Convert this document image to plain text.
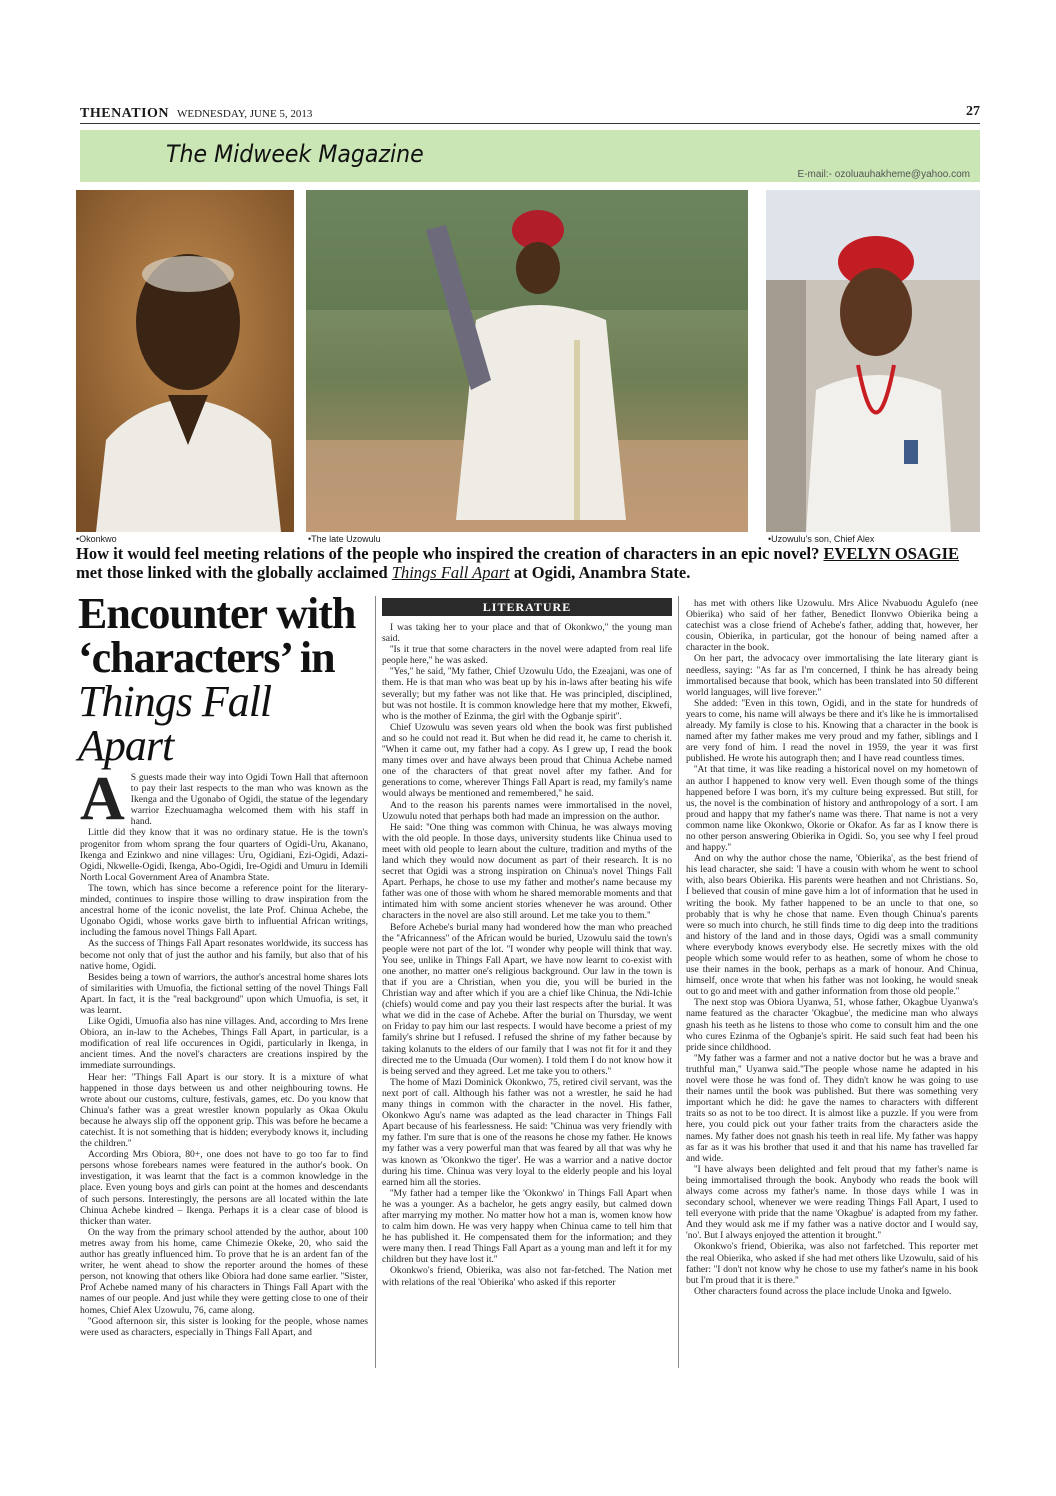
THENATION WEDNESDAY, JUNE 5, 2013	27
The Midweek Magazine
E-mail:- ozoluauhakheme@yahoo.com
•Okonkwo	•The late Uzowulu	•Uzowulu's son, Chief Alex
How it would feel meeting relations of the people who inspired the creation of characters in an epic novel? EVELYN OSAGIE met those linked with the globally acclaimed Things Fall Apart at Ogidi, Anambra State.
Encounter with ‘characters’ in
Things Fall Apart
LITERATURE
A S guests made their way into Ogidi Town Hall that afternoon to pay their last respects to the man who was known as the Ikenga and the Ugonabo of Ogidi, the statue of the legendary warrior Ezechuamagha welcomed them with his staff in hand.

Little did they know that it was no ordinary statue. He is the town's progenitor from whom sprang the four quarters of Ogidi-Uru, Akanano, Ikenga and Ezinkwo and nine villages: Uru, Ogidiani, Ezi-Ogidi, Adazi-Ogidi, Nkwelle-Ogidi, Ikenga, Abo-Ogidi, Ire-Ogidi and Umuru in Idemili North Local Government Area of Anambra State.

The town, which has since become a reference point for the literary-minded, continues to inspire those willing to draw inspiration from the ancestral home of the iconic novelist, the late Prof. Chinua Achebe, the Ugonabo Ogidi, whose works gave birth to influential African writings, including the famous novel Things Fall Apart.

As the success of Things Fall Apart resonates worldwide, its success has become not only that of just the author and his family, but also that of his native home, Ogidi.

Besides being a town of warriors, the author's ancestral home shares lots of similarities with Umuofia, the fictional setting of the novel Things Fall Apart. In fact, it is the ''real background'' upon which Umuofia, is set, it was learnt.

Like Ogidi, Umuofia also has nine villages. And, according to Mrs Irene Obiora, an in-law to the Achebes, Things Fall Apart, in particular, is a modification of real life occurences in Ogidi, particularly in Ikenga, in ancient times. And the novel's characters are creations inspired by the immediate surroundings.

Hear her: ''Things Fall Apart is our story. It is a mixture of what happened in those days between us and other neighbouring towns. He wrote about our customs, culture, festivals, games, etc. Do you know that Chinua's father was a great wrestler known popularly as Okaa Okulu because he always slip off the opponent grip. This was before he became a catechist. It is not something that is hidden; everybody knows it, including the children.''

According Mrs Obiora, 80+, one does not have to go too far to find persons whose forebears names were featured in the author's book. On investigation, it was learnt that the fact is a common knowledge in the place. Even young boys and girls can point at the homes and descendants of such persons. Interestingly, the persons are all located within the late Chinua Achebe kindred – Ikenga. Perhaps it is a clear case of blood is thicker than water.

On the way from the primary school attended by the author, about 100 metres away from his home, came Chimezie Okeke, 20, who said the author has greatly influenced him. To prove that he is an ardent fan of the writer, he went ahead to show the reporter around the homes of these person, not knowing that others like Obiora had done same earlier. ''Sister, Prof Achebe named many of his characters in Things Fall Apart with the names of our people. And just while they were getting close to one of their homes, Chief Alex Uzowulu, 76, came along.

''Good afternoon sir, this sister is looking for the people, whose names were used as characters, especially in Things Fall Apart, and

I was taking her to your place and that of Okonkwo,'' the young man said.

''Is it true that some characters in the novel were adapted from real life people here,'' he was asked.

''Yes,'' he said, ''My father, Chief Uzowulu Udo, the Ezeajani, was one of them. He is that man who was beat up by his in-laws after beating his wife severally; but my father was not like that. He was principled, disciplined, but was not hostile. It is common knowledge here that my mother, Ekwefi, who is the mother of Ezinma, the girl with the Ogbanje spirit''.

Chief Uzowulu was seven years old when the book was first published and so he could not read it. But when he did read it, he came to cherish it. ''When it came out, my father had a copy. As I grew up, I read the book many times over and have always been proud that Chinua Achebe named one of the characters of that great novel after my father. And for generations to come, wherever Things Fall Apart is read, my family's name would always be mentioned and remembered,'' he said.

And to the reason his parents names were immortalised in the novel, Uzowulu noted that perhaps both had made an impression on the author.

He said: ''One thing was common with Chinua, he was always moving with the old people. In those days, university students like Chinua used to meet with old people to learn about the culture, tradition and myths of the land which they would now document as part of their research. It is no secret that Ogidi was a strong inspiration on Chinua's novel Things Fall Apart. Perhaps, he chose to use my father and mother's name because my father was one of those with whom he shared memorable moments and that intimated him with some ancient stories whenever he was around. Other characters in the novel are also still around. Let me take you to them.''

Before Achebe's burial many had wondered how the man who preached the ''Africanness'' of the African would be buried, Uzowulu said the town's people were not part of the lot. ''I wonder why people will think that way. You see, unlike in Things Fall Apart, we have now learnt to co-exist with one another, no matter one's religious background. Our law in the town is that if you are a Christian, when you die, you will be buried in the Christian way and after which if you are a chief like Chinua, the Ndi-Ichie (chiefs) would come and pay you their last respects after the burial. It was what we did in the case of Achebe. After the burial on Thursday, we went on Friday to pay him our last respects. I would have become a priest of my family's shrine but I refused. I refused the shrine of my father because by taking kolanuts to the elders of our family that I was not fit for it and they directed me to the Umuada (Our women). I told them I do not know how it is being served and they agreed. Let me take you to others.''

The home of Mazi Dominick Okonkwo, 75, retired civil servant, was the next port of call. Although his father was not a wrestler, he said he had many things in common with the character in the novel. His father, Okonkwo Agu's name was adapted as the lead character in Things Fall Apart because of his fearlessness. He said: ''Chinua was very friendly with my father. I'm sure that is one of the reasons he chose my father. He knows my father was a very powerful man that was feared by all that was why he was known as 'Okonkwo the tiger'. He was a warrior and a native doctor during his time. Chinua was very loyal to the elderly people and his loyal earned him all the stories.

''My father had a temper like the 'Okonkwo' in Things Fall Apart when he was a younger. As a bachelor, he gets angry easily, but calmed down after marrying my mother. No matter how hot a man is, women know how to calm him down. He was very happy when Chinua came to tell him that he has published it. He compensated them for the information; and they were many then. I read Things Fall Apart as a young man and left it for my children but they have lost it.''

Okonkwo's friend, Obierika, was also not far-fetched. The Nation met with relations of the real 'Obierika' who asked if this reporter

has met with others like Uzowulu. Mrs Alice Nvabuodu Agulefo (nee Obierika) who said of her father, Benedict Ilonvwo Obierika being a catechist was a close friend of Achebe's father, adding that, however, her cousin, Obierika, in particular, got the honour of being named after a character in the book.

On her part, the advocacy over immortalising the late literary giant is needless, saying: ''As far as I'm concerned, I think he has already being immortalised because that book, which has been translated into 50 different world languages, will live forever.''

She added: ''Even in this town, Ogidi, and in the state for hundreds of years to come, his name will always be there and it's like he is immortalised already. My family is close to his. Knowing that a character in the book is named after my father makes me very proud and my father, siblings and I are very fond of him. I read the novel in 1959, the year it was first published. He wrote his autograph then; and I have read countless times.

''At that time, it was like reading a historical novel on my hometown of an author I happened to know very well. Even though some of the things happened before I was born, it's my culture being expressed. But still, for us, the novel is the combination of history and anthropology of a sort. I am proud and happy that my father's name was there. That name is not a very common name like Okonkwo, Okorie or Okafor. As far as I know there is no other person answering Obierika in Ogidi. So, you see why I feel proud and happy.''

And on why the author chose the name, 'Obierika', as the best friend of his lead character, she said: 'I have a cousin with whom he went to school with, also bears Obierika. His parents were heathen and not Christians. So, I believed that cousin of mine gave him a lot of information that he used in writing the book. My father happened to be an uncle to that one, so probably that is why he chose that name. Even though Chinua's parents were so much into church, he still finds time to dig deep into the traditions and history of the land and in those days, Ogidi was a small community where everybody knows everybody else. He secretly mixes with the old people which some would refer to as heathen, some of whom he chose to use their names in the book, perhaps as a mark of honour. And Chinua, himself, once wrote that when his father was not looking, he would sneak out to go and meet with and gather information from those old people.''

The next stop was Obiora Uyanwa, 51, whose father, Okagbue Uyanwa's name featured as the character 'Okagbue', the medicine man who always gnash his teeth as he listens to those who come to consult him and the one who cures Ezinma of the Ogbanje's spirit. He said such feat had been his pride since childhood.

''My father was a farmer and not a native doctor but he was a brave and truthful man,'' Uyanwa said.''The people whose name he adapted in his novel were those he was fond of. They didn't know he was going to use their names until the book was published. But there was something very important which he did: he gave the names to characters with different traits so as not to be too direct. It is almost like a puzzle. If you were from here, you could pick out your father traits from the characters aside the names. My father does not gnash his teeth in real life. My father was happy as far as it was his brother that used it and that his name has travelled far and wide.

''I have always been delighted and felt proud that my father's name is being immortalised through the book. Anybody who reads the book will always come across my father's name. In those days while I was in secondary school, whenever we were reading Things Fall Apart, I used to tell everyone with pride that the name 'Okagbue' is adapted from my father. And they would ask me if my father was a native doctor and I would say, 'no'. But I always enjoyed the attention it brought.''

Okonkwo's friend, Obierika, was also not farfetched. This reporter met the real Obierika, who asked if she had met others like Uzowulu, said of his father: ''I don't not know why he chose to use my father's name in his book but I'm proud that it is there.''

Other characters found across the place include Unoka and Igwelo.
